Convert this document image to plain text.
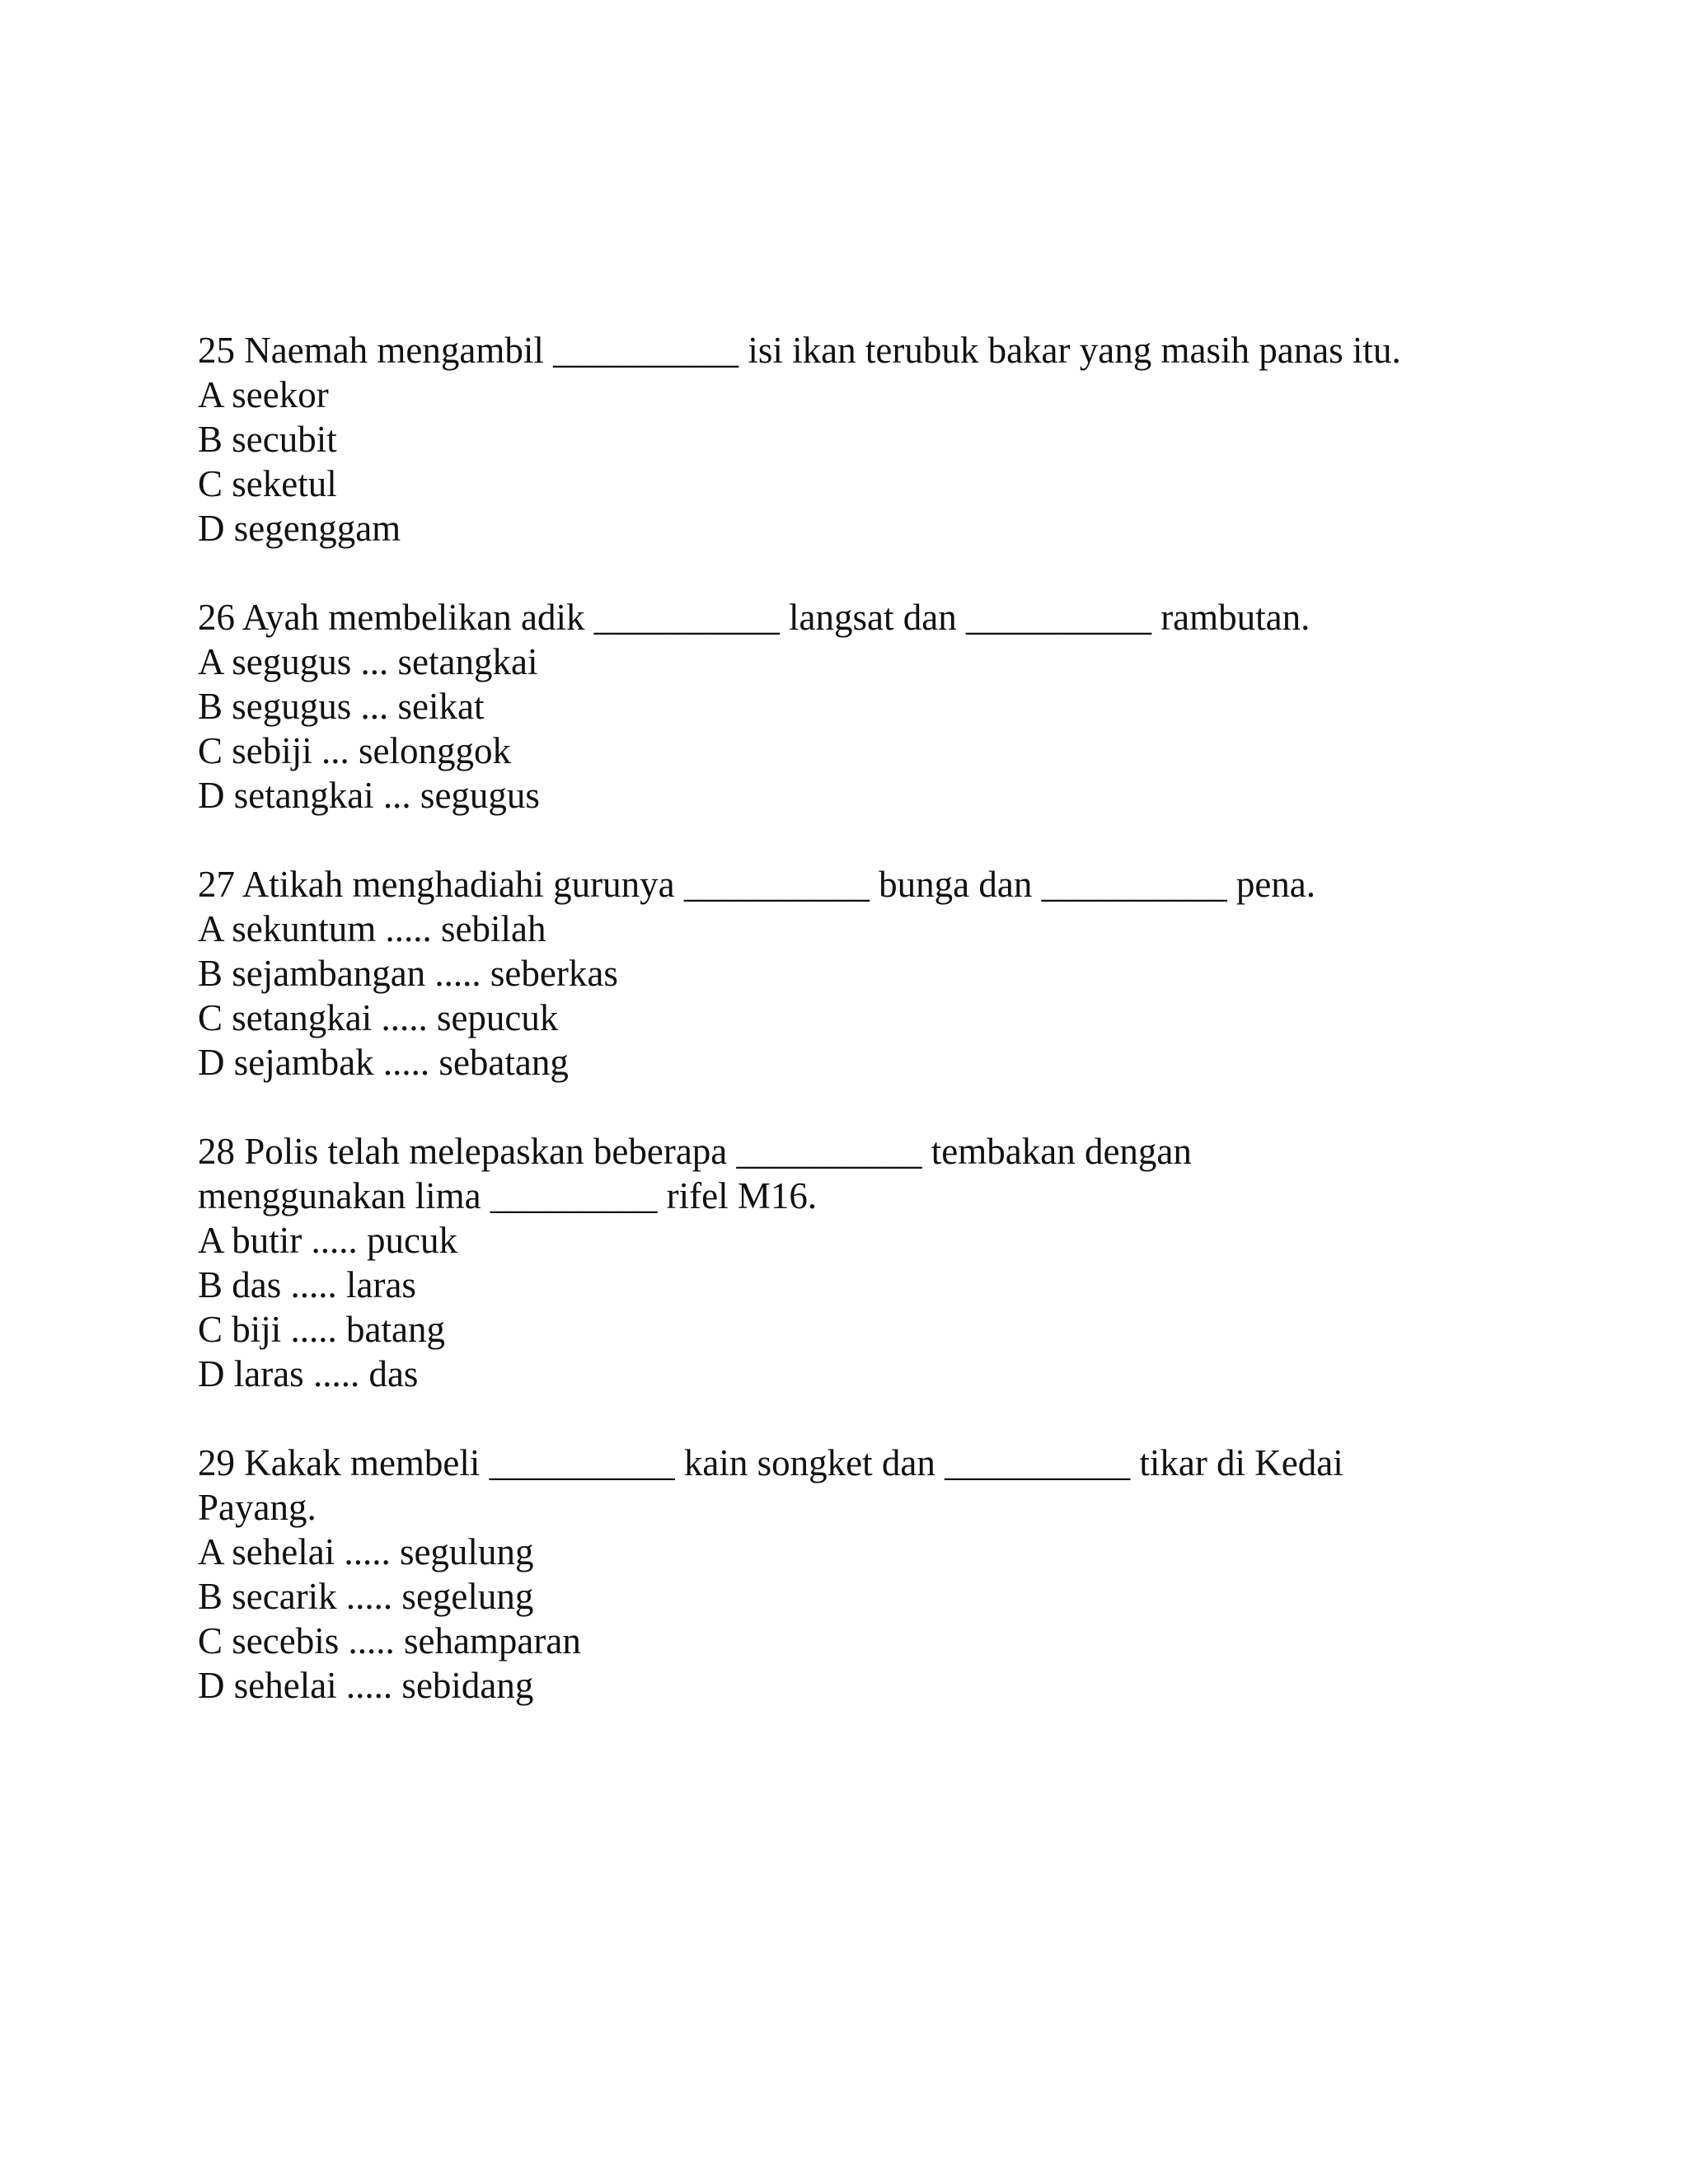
25 Naemah mengambil __________ isi ikan terubuk bakar yang masih panas itu.
A seekor
B secubit
C seketul
D segenggam
26 Ayah membelikan adik __________ langsat dan __________ rambutan.
A segugus ... setangkai
B segugus ... seikat
C sebiji ... selonggok
D setangkai ... segugus
27 Atikah menghadiahi gurunya __________ bunga dan __________ pena.
A sekuntum ..... sebilah
B sejambangan ..... seberkas
C setangkai ..... sepucuk
D sejambak ..... sebatang
28 Polis telah melepaskan beberapa __________ tembakan dengan
menggunakan lima _________ rifel M16.
A butir ..... pucuk
B das ..... laras
C biji ..... batang
D laras ..... das
29 Kakak membeli __________ kain songket dan __________ tikar di Kedai
Payang.
A sehelai ..... segulung
B secarik ..... segelung
C secebis ..... sehamparan
D sehelai ..... sebidang
